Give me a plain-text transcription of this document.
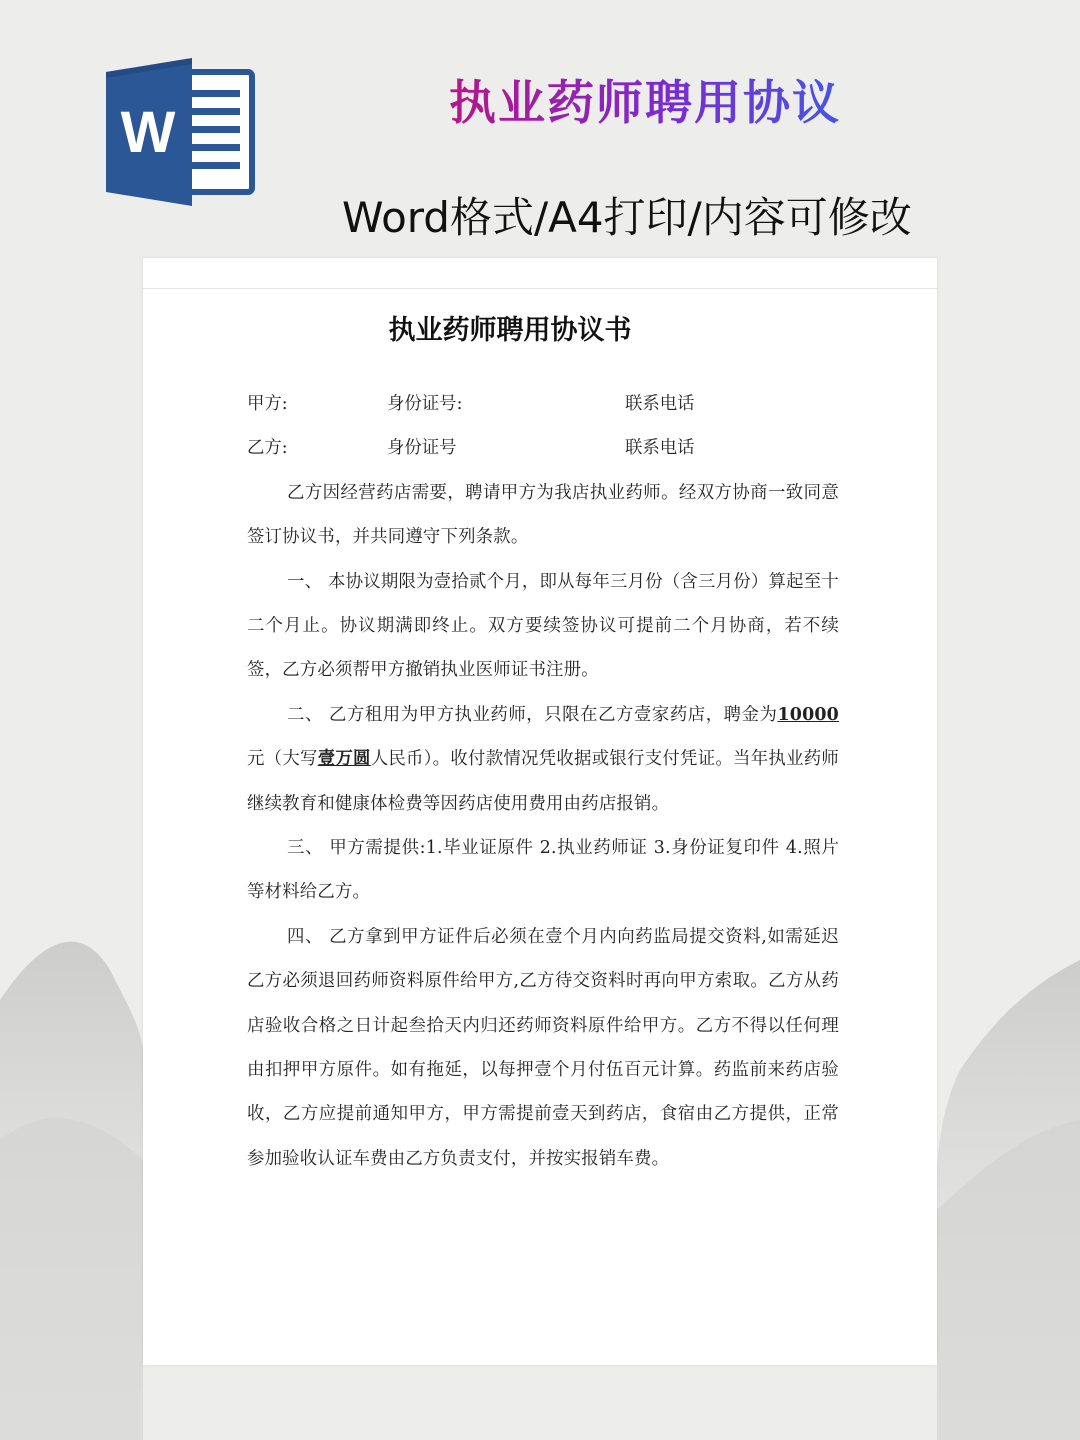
W	执业药师聘用协议
Word格式/A4打印/内容可修改
执业药师聘用协议书
甲方:	身份证号:	联系电话
乙方:	身份证号	联系电话

乙方因经营药店需要，聘请甲方为我店执业药师。经双方协商一致同意签订协议书，并共同遵守下列条款。

一、 本协议期限为壹拾贰个月，即从每年三月份（含三月份）算起至十二个月止。协议期满即终止。双方要续签协议可提前二个月协商，若不续签，乙方必须帮甲方撤销执业医师证书注册。

二、 乙方租用为甲方执业药师，只限在乙方壹家药店，聘金为10000元（大写壹万圆人民币）。收付款情况凭收据或银行支付凭证。当年执业药师继续教育和健康体检费等因药店使用费用由药店报销。

三、 甲方需提供:1.毕业证原件 2.执业药师证 3.身份证复印件 4.照片等材料给乙方。

四、 乙方拿到甲方证件后必须在壹个月内向药监局提交资料,如需延迟乙方必须退回药师资料原件给甲方,乙方待交资料时再向甲方索取。乙方从药店验收合格之日计起叁拾天内归还药师资料原件给甲方。乙方不得以任何理由扣押甲方原件。如有拖延，以每押壹个月付伍百元计算。药监前来药店验收，乙方应提前通知甲方，甲方需提前壹天到药店，食宿由乙方提供，正常参加验收认证车费由乙方负责支付，并按实报销车费。
